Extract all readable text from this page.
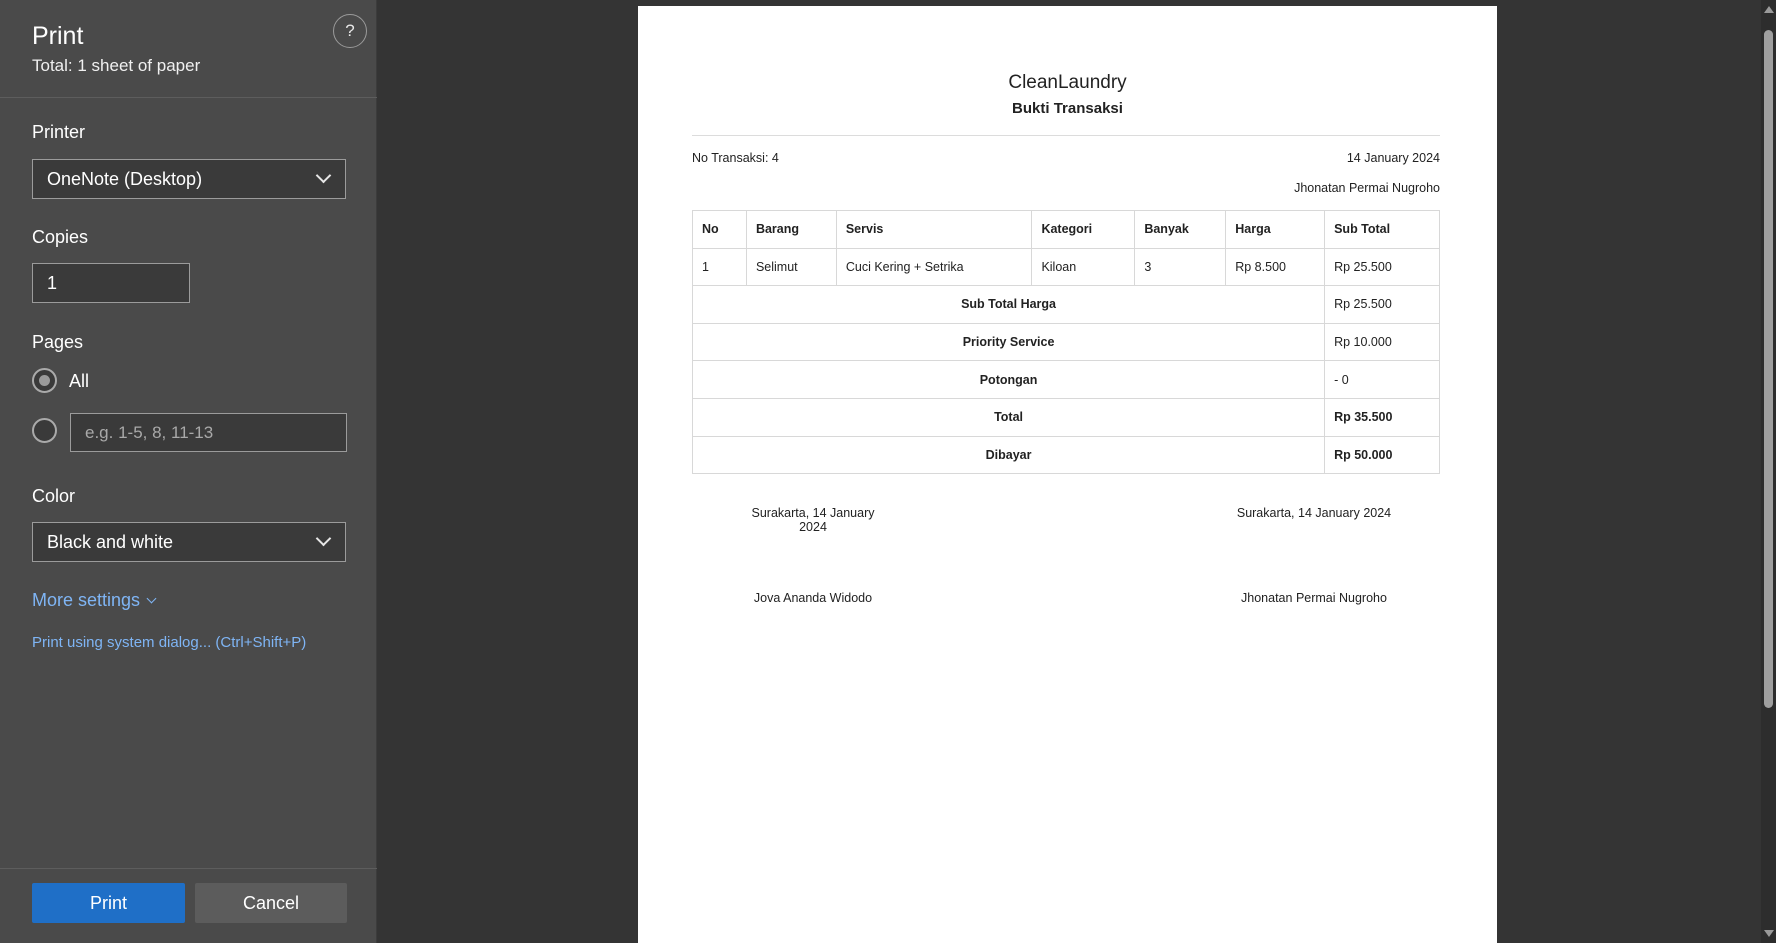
Print
Total: 1 sheet of paper
?
Printer
OneNote (Desktop)
Copies
1
Pages
All
e.g. 1-5, 8, 11-13
Color
Black and white
More settings
Print using system dialog... (Ctrl+Shift+P)
Print	Cancel
CleanLaundry
Bukti Transaksi
No Transaksi: 4	14 January 2024
Jhonatan Permai Nugroho
No	Barang	Servis	Kategori	Banyak	Harga	Sub Total
1	Selimut	Cuci Kering + Setrika	Kiloan	3	Rp 8.500	Rp 25.500
Sub Total Harga						Rp 25.500
Priority Service						Rp 10.000
Potongan						- 0
Total						Rp 35.500
Dibayar						Rp 50.000
Surakarta, 14 January 2024
Jova Ananda Widodo
Surakarta, 14 January 2024
Jhonatan Permai Nugroho
